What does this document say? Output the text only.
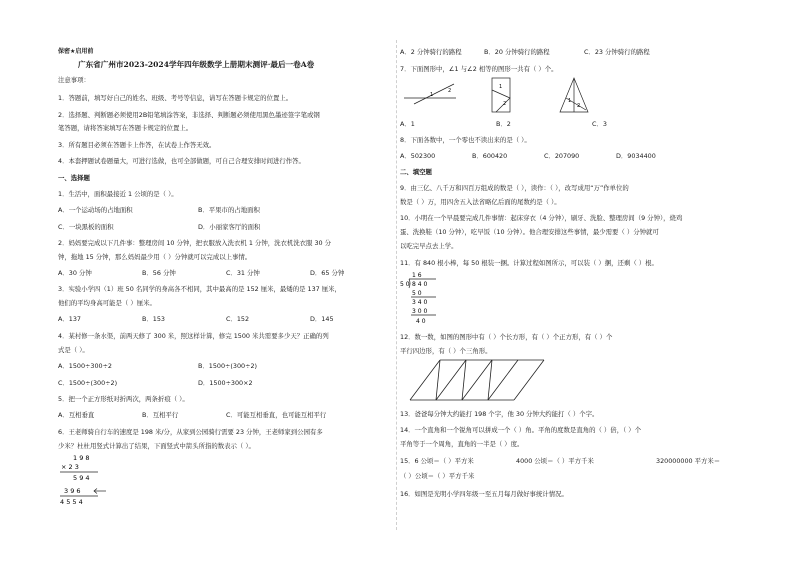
保密★启用前
广东省广州市2023-2024学年四年级数学上册期末测评·最后一卷A卷
注意事项：
1．答题前，填写好自己的姓名、班级、考号等信息，请写在答题卡规定的位置上。
2．选择题、判断题必须使用2B铅笔填涂答案，非选择、判断题必须使用黑色墨迹签字笔或钢
笔答题，请将答案填写在答题卡规定的位置上。
3．所有题目必须在答题卡上作答，在试卷上作答无效。
4．本套押题试卷题量大，可进行选做，也可全部做题，可自己合理安排时间进行作答。
一、选择题
1．生活中，面积最接近 1 公顷的是（ ）。
A．一个运动场的占地面积	B．平果市的占地面积
C．一块黑板的面积	D．小丽家客厅的面积
2．妈妈要完成以下几件事：整理房间 10 分钟，把衣服放入洗衣机 1 分钟，洗衣机洗衣服 30 分
钟，拖地 15 分钟，那么妈妈最少用（ ）分钟就可以完成以上事情。
A．30 分钟	B．56 分钟	C．31 分钟	D．65 分钟
3．实验小学四（1）班 50 名同学的身高各不相同，其中最高的是 152 厘米，最矮的是 137 厘米，
他们的平均身高可能是（ ）厘米。
A．137	B．153	C．152	D．145
4．某村修一条水渠，前两天修了 300 米，照这样计算，修完 1500 米共需要多少天？正确的列
式是（ ）。
A．1500÷300÷2	B．1500÷(300÷2)
C．1500÷(300÷2)	D．1500÷300×2
5．把一个正方形纸对折两次，两条折痕（ ）。
A．互相垂直	B．互相平行	C．可能互相垂直，也可能互相平行
6．王老师骑自行车的速度是 198 米/分，从家到公园骑行需要 23 分钟，王老师家到公园有多
少米？杜杜用竖式计算出了结果，下面竖式中箭头所指的数表示（ ）。
1 9 8
× 2 3
5 9 4
3 9 6
4 5 5 4
A．2 分钟骑行的路程	B．20 分钟骑行的路程	C．23 分钟骑行的路程
7．下面图形中，∠1 与∠2 相等的图形一共有（ ）个。
1
2
1
2	1
2
A．1	B．2	C．3
8．下面各数中，一个零也不读出来的是（ ）。
A．502300	B．600420	C．207090	D．9034400
二、填空题
9．由三亿、八千万和四百万组成的数是（ ），读作：（ ），改写成用“万”作单位的
数是（ ）万，用四舍五入法省略亿后面的尾数约是（ ）。
10．小明在一个早晨要完成几件事情：起床穿衣（4 分钟），刷牙、洗脸、整理房间（9 分钟），烧鸡
蛋、洗换鞋（10 分钟），吃早饭（10 分钟）。他合理安排这些事情，最少需要（ ）分钟就可
以吃完早点去上学。
11．有 840 根小棒，每 50 根装一捆。计算过程如图所示，可以装（ ）捆，还剩（ ）根。
1 6
5 0 8 4 0
5 0
3 4 0
3 0 0
4 0
12．数一数，如图的图形中有（ ）个长方形，有（ ）个正方形，有（ ）个
平行四边形，有（ ）个三角形。
13．爸爸每分钟大约能打 198 个字，他 30 分钟大约能打（ ）个字。
14．一个直角和一个锐角可以拼成一个（ ）角。平角的度数是直角的（ ）倍，（ ）个
平角等于一个周角，直角的一半是（ ）度。
15．6 公顷＝（ ）平方米	4000 公顷＝（ ）平方千米	320000000 平方米＝
（ ）公顷＝（ ）平方千米
16．如图是光明小学四年级一至五月每月做好事统计情况。
